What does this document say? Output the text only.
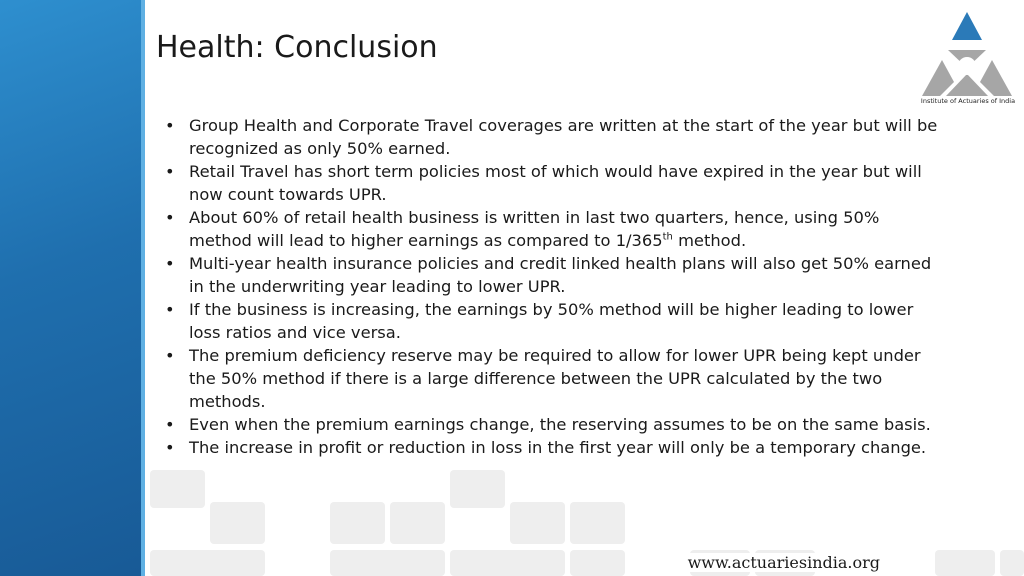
Health: Conclusion
Institute of Actuaries of India
• Group Health and Corporate Travel coverages are written at the start of the year but will be recognized as only 50% earned.
• Retail Travel has short term policies most of which would have expired in the year but will now count towards UPR.
• About 60% of retail health business is written in last two quarters, hence, using 50% method will lead to higher earnings as compared to 1/365th method.
• Multi-year health insurance policies and credit linked health plans will also get 50% earned in the underwriting year leading to lower UPR.
• If the business is increasing, the earnings by 50% method will be higher leading to lower loss ratios and vice versa.
• The premium deficiency reserve may be required to allow for lower UPR being kept under the 50% method if there is a large difference between the UPR calculated by the two methods.
• Even when the premium earnings change, the reserving assumes to be on the same basis.
• The increase in profit or reduction in loss in the first year will only be a temporary change.
www.actuariesindia.org
